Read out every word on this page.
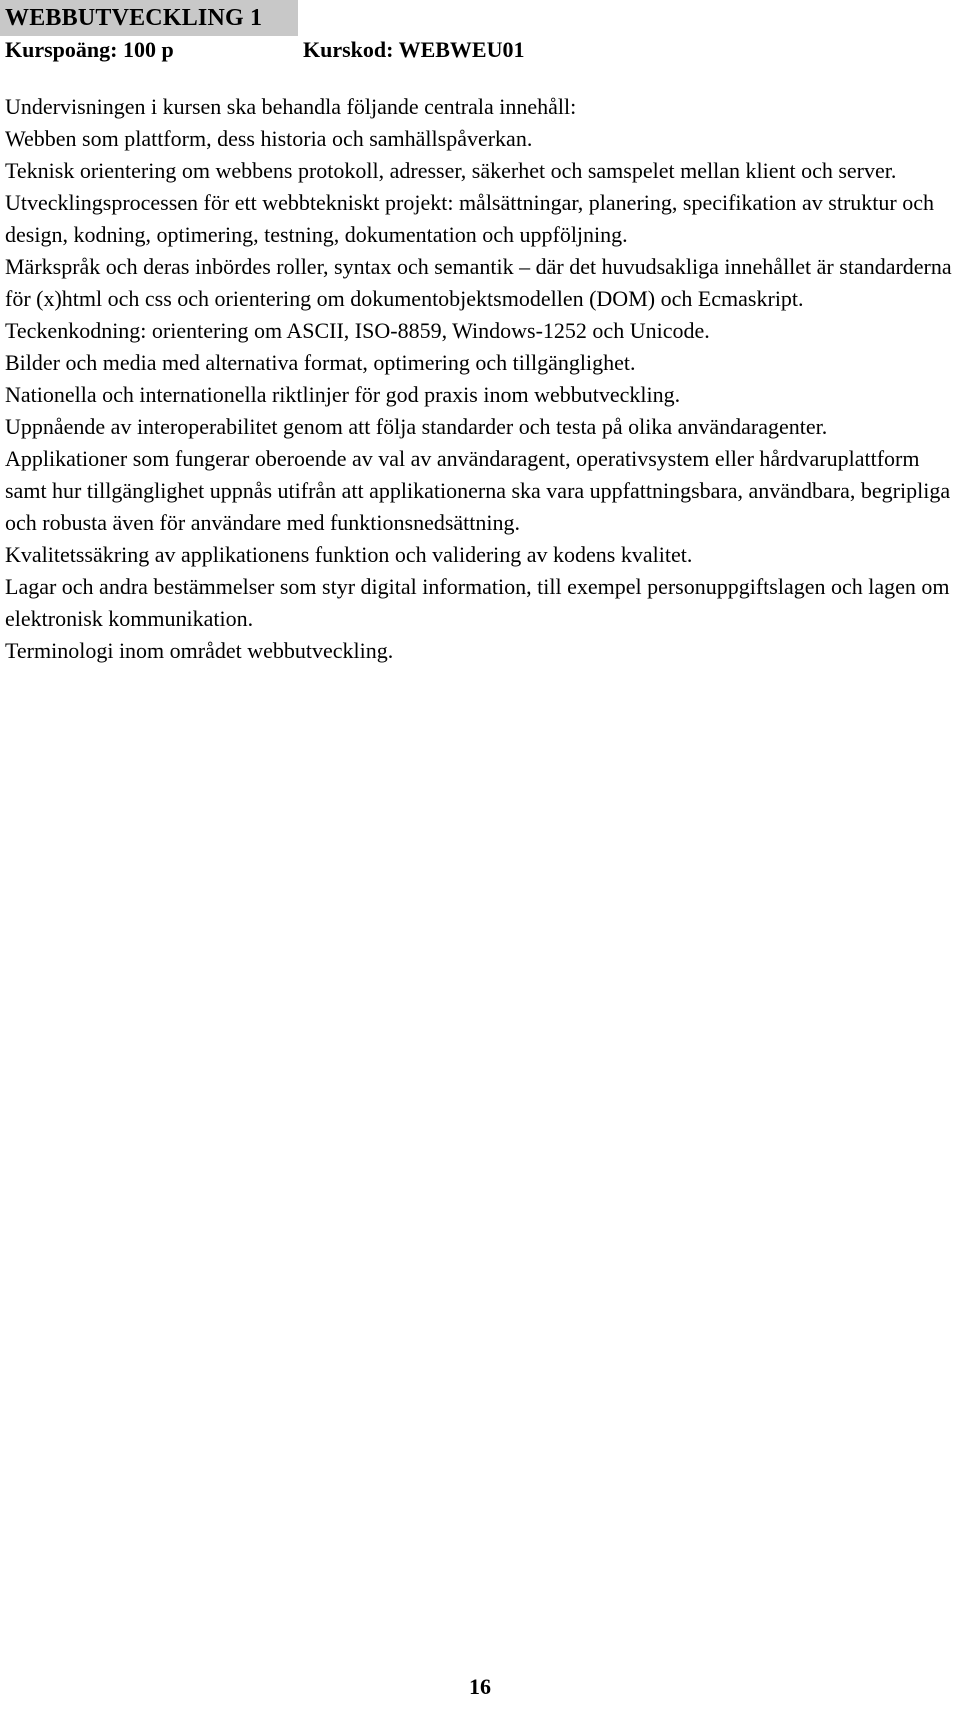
WEBBUTVECKLING 1
Kurspoäng: 100 p	Kurskod: WEBWEU01

Undervisningen i kursen ska behandla följande centrala innehåll:

Webben som plattform, dess historia och samhällspåverkan.

Teknisk orientering om webbens protokoll, adresser, säkerhet och samspelet mellan klient och server.

Utvecklingsprocessen för ett webbtekniskt projekt: målsättningar, planering, specifikation av struktur och design, kodning, optimering, testning, dokumentation och uppföljning.

Märkspråk och deras inbördes roller, syntax och semantik – där det huvudsakliga innehållet är standarderna för (x)html och css och orientering om dokumentobjektsmodellen (DOM) och Ecmaskript.

Teckenkodning: orientering om ASCII, ISO-8859, Windows-1252 och Unicode.

Bilder och media med alternativa format, optimering och tillgänglighet.

Nationella och internationella riktlinjer för god praxis inom webbutveckling.

Uppnående av interoperabilitet genom att följa standarder och testa på olika användaragenter.

Applikationer som fungerar oberoende av val av användaragent, operativsystem eller hårdvaruplattform samt hur tillgänglighet uppnås utifrån att applikationerna ska vara uppfattningsbara, användbara, begripliga och robusta även för användare med funktionsnedsättning.

Kvalitetssäkring av applikationens funktion och validering av kodens kvalitet.

Lagar och andra bestämmelser som styr digital information, till exempel personuppgiftslagen och lagen om elektronisk kommunikation.

Terminologi inom området webbutveckling.

16
